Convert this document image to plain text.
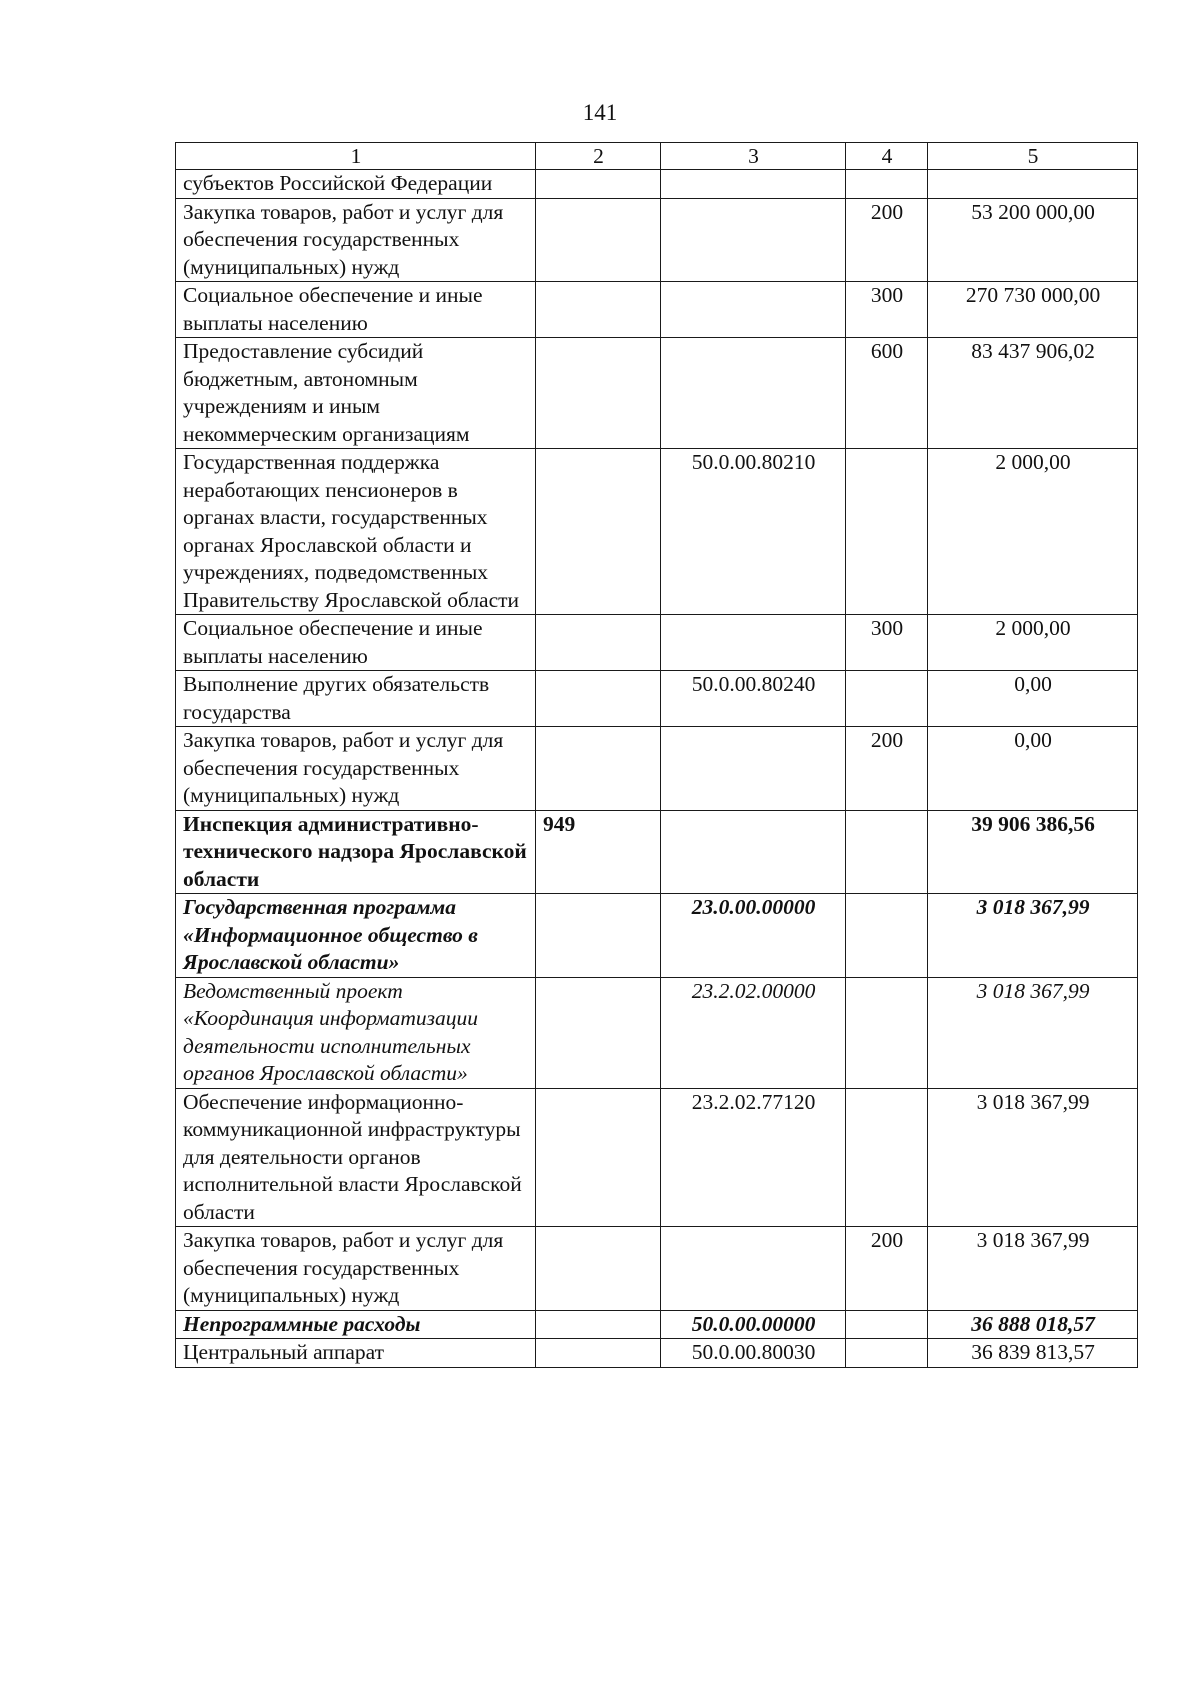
141
1	2	3	4	5
субъектов Российской Федерации				
Закупка товаров, работ и услуг для обеспечения государственных (муниципальных) нужд			200	53 200 000,00
Социальное обеспечение и иные выплаты населению			300	270 730 000,00
Предоставление субсидий бюджетным, автономным учреждениям и иным некоммерческим организациям			600	83 437 906,02
Государственная поддержка неработающих пенсионеров в органах власти, государственных органах Ярославской области и учреждениях, подведомственных Правительству Ярославской области		50.0.00.80210		2 000,00
Социальное обеспечение и иные выплаты населению			300	2 000,00
Выполнение других обязательств государства		50.0.00.80240		0,00
Закупка товаров, работ и услуг для обеспечения государственных (муниципальных) нужд			200	0,00
Инспекция административно-технического надзора Ярославской области	949			39 906 386,56
Государственная программа «Информационное общество в Ярославской области»		23.0.00.00000		3 018 367,99
Ведомственный проект «Координация информатизации деятельности исполнительных органов Ярославской области»		23.2.02.00000		3 018 367,99
Обеспечение информационно-коммуникационной инфраструктуры для деятельности органов исполнительной власти Ярославской области		23.2.02.77120		3 018 367,99
Закупка товаров, работ и услуг для обеспечения государственных (муниципальных) нужд			200	3 018 367,99
Непрограммные расходы		50.0.00.00000		36 888 018,57
Центральный аппарат		50.0.00.80030		36 839 813,57
